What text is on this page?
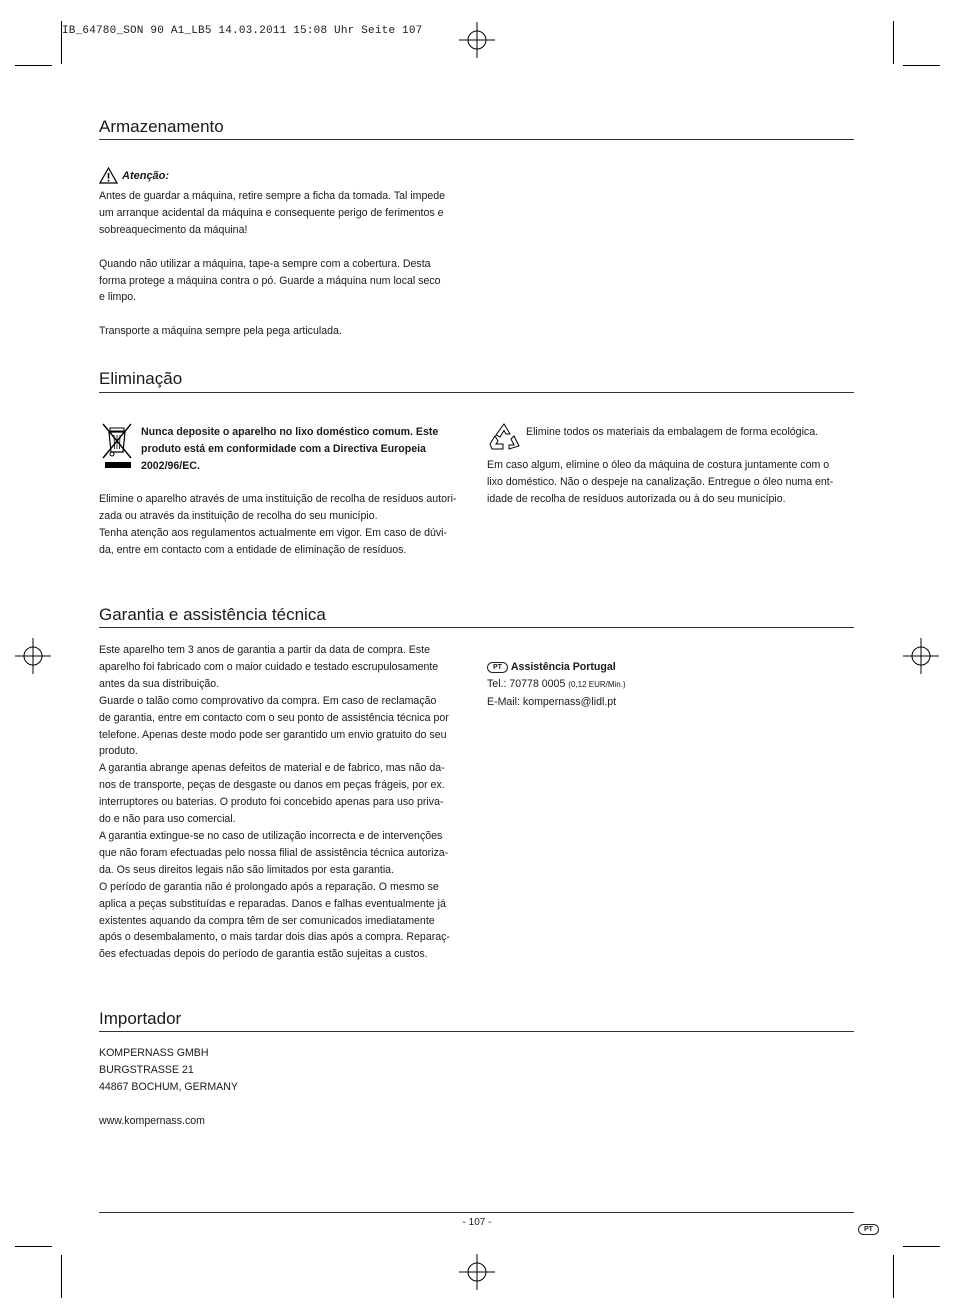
IB_64780_SON 90 A1_LB5 14.03.2011 15:08 Uhr Seite 107
Armazenamento
Atenção:

Antes de guardar a máquina, retire sempre a ficha da tomada. Tal impede

um arranque acidental da máquina e consequente perigo de ferimentos e

sobreaquecimento da máquina!

Quando não utilizar a máquina, tape-a sempre com a cobertura. Desta

forma protege a máquina contra o pó. Guarde a máquina num local seco

e limpo.

Transporte a máquina sempre pela pega articulada.

Eliminação

Nunca deposite o aparelho no lixo doméstico comum. Este

produto está em conformidade com a Directiva Europeia

2002/96/EC.

Elimine o aparelho através de uma instituição de recolha de resíduos autori-

zada ou através da instituição de recolha do seu município.

Tenha atenção aos regulamentos actualmente em vigor. Em caso de dúvi-

da, entre em contacto com a entidade de eliminação de resíduos.

Elimine todos os materiais da embalagem de forma ecológica.

Em caso algum, elimine o óleo da máquina de costura juntamente com o

lixo doméstico. Não o despeje na canalização. Entregue o óleo numa ent-

idade de recolha de resíduos autorizada ou à do seu município.

Garantia e assistência técnica

Este aparelho tem 3 anos de garantia a partir da data de compra. Este

aparelho foi fabricado com o maior cuidado e testado escrupulosamente

antes da sua distribuição.

Guarde o talão como comprovativo da compra. Em caso de reclamação

de garantia, entre em contacto com o seu ponto de assistência técnica por

telefone. Apenas deste modo pode ser garantido um envio gratuito do seu

produto.

A garantia abrange apenas defeitos de material e de fabrico, mas não da-

nos de transporte, peças de desgaste ou danos em peças frágeis, por ex.

interruptores ou baterias. O produto foi concebido apenas para uso priva-

do e não para uso comercial.

A garantia extingue-se no caso de utilização incorrecta e de intervenções

que não foram efectuadas pelo nossa filial de assistência técnica autoriza-

da. Os seus direitos legais não são limitados por esta garantia.

O período de garantia não é prolongado após a reparação. O mesmo se

aplica a peças substituídas e reparadas. Danos e falhas eventualmente já

existentes aquando da compra têm de ser comunicados imediatamente

após o desembalamento, o mais tardar dois dias após a compra. Reparaç-

ões efectuadas depois do período de garantia estão sujeitas a custos.

PT Assistência Portugal

Tel.: 70778 0005 (0,12 EUR/Min.)

E-Mail: kompernass@lidl.pt

Importador

KOMPERNASS GMBH

BURGSTRASSE 21

44867 BOCHUM, GERMANY

www.kompernass.com

- 107 -
PT
